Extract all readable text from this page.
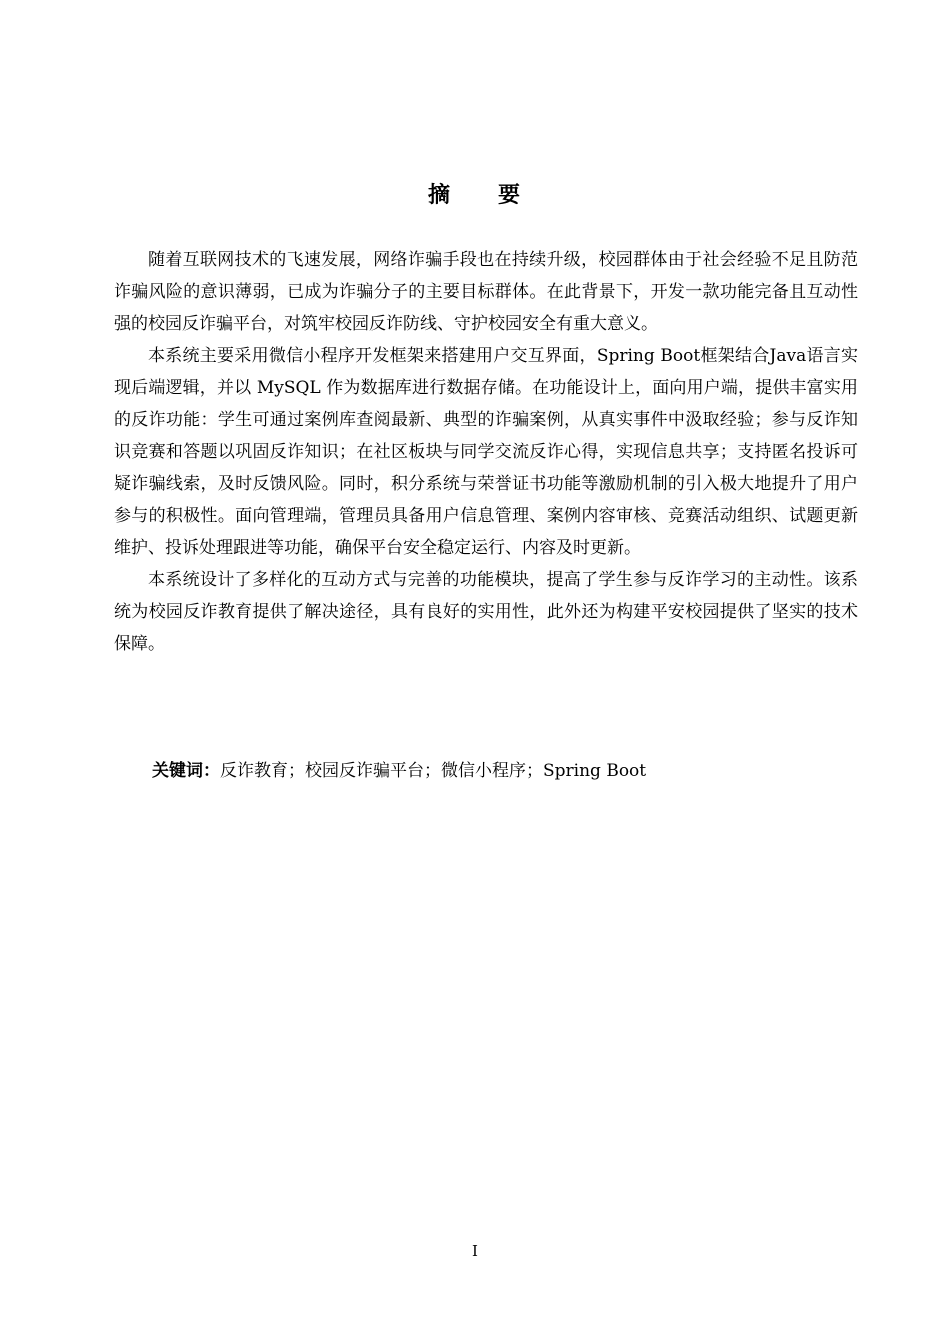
摘 要

随着互联网技术的飞速发展，网络诈骗手段也在持续升级，校园群体由于社会经验不足且防范诈骗风险的意识薄弱，已成为诈骗分子的主要目标群体。在此背景下，开发一款功能完备且互动性强的校园反诈骗平台，对筑牢校园反诈防线、守护校园安全有重大意义。

本系统主要采用微信小程序开发框架来搭建用户交互界面，Spring Boot框架结合Java语言实现后端逻辑，并以 MySQL 作为数据库进行数据存储。在功能设计上，面向用户端，提供丰富实用的反诈功能：学生可通过案例库查阅最新、典型的诈骗案例，从真实事件中汲取经验；参与反诈知识竞赛和答题以巩固反诈知识；在社区板块与同学交流反诈心得，实现信息共享；支持匿名投诉可疑诈骗线索，及时反馈风险。同时，积分系统与荣誉证书功能等激励机制的引入极大地提升了用户参与的积极性。面向管理端，管理员具备用户信息管理、案例内容审核、竞赛活动组织、试题更新维护、投诉处理跟进等功能，确保平台安全稳定运行、内容及时更新。

本系统设计了多样化的互动方式与完善的功能模块，提高了学生参与反诈学习的主动性。该系统为校园反诈教育提供了解决途径，具有良好的实用性，此外还为构建平安校园提供了坚实的技术保障。

关键词：反诈教育；校园反诈骗平台；微信小程序；Spring Boot

I
